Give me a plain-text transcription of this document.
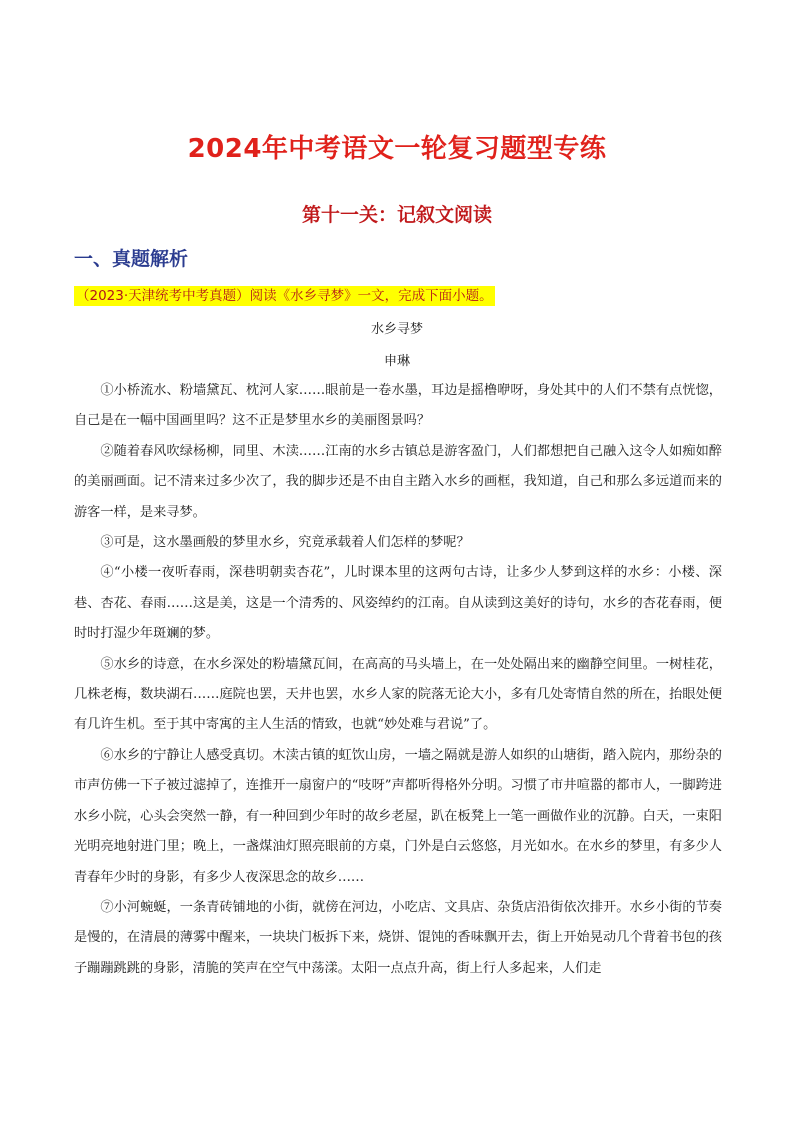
2024年中考语文一轮复习题型专练
第十一关：记叙文阅读
一、真题解析
（2023·天津统考中考真题）阅读《水乡寻梦》一文，完成下面小题。
水乡寻梦
申琳

①小桥流水、粉墙黛瓦、枕河人家……眼前是一卷水墨，耳边是摇橹咿呀，身处其中的人们不禁有点恍惚，自己是在一幅中国画里吗？这不正是梦里水乡的美丽图景吗？

②随着春风吹绿杨柳，同里、木渎……江南的水乡古镇总是游客盈门，人们都想把自己融入这令人如痴如醉的美丽画面。记不清来过多少次了，我的脚步还是不由自主踏入水乡的画框，我知道，自己和那么多远道而来的游客一样，是来寻梦。

③可是，这水墨画般的梦里水乡，究竟承载着人们怎样的梦呢？

④“小楼一夜听春雨，深巷明朝卖杏花”，儿时课本里的这两句古诗，让多少人梦到这样的水乡：小楼、深巷、杏花、春雨……这是美，这是一个清秀的、风姿绰约的江南。自从读到这美好的诗句，水乡的杏花春雨，便时时打湿少年斑斓的梦。

⑤水乡的诗意，在水乡深处的粉墙黛瓦间，在高高的马头墙上，在一处处隔出来的幽静空间里。一树桂花，几株老梅，数块湖石……庭院也罢，天井也罢，水乡人家的院落无论大小，多有几处寄情自然的所在，抬眼处便有几许生机。至于其中寄寓的主人生活的情致，也就“妙处难与君说”了。

⑥水乡的宁静让人感受真切。木渎古镇的虹饮山房，一墙之隔就是游人如织的山塘街，踏入院内，那纷杂的市声仿佛一下子被过滤掉了，连推开一扇窗户的“吱呀”声都听得格外分明。习惯了市井喧嚣的都市人，一脚跨进水乡小院，心头会突然一静，有一种回到少年时的故乡老屋，趴在板凳上一笔一画做作业的沉静。白天，一束阳光明亮地射进门里；晚上，一盏煤油灯照亮眼前的方桌，门外是白云悠悠，月光如水。在水乡的梦里，有多少人青春年少时的身影，有多少人夜深思念的故乡……

⑦小河蜿蜒，一条青砖铺地的小街，就傍在河边，小吃店、文具店、杂货店沿街依次排开。水乡小街的节奏是慢的，在清晨的薄雾中醒来，一块块门板拆下来，烧饼、馄饨的香味飘开去，街上开始晃动几个背着书包的孩子蹦蹦跳跳的身影，清脆的笑声在空气中荡漾。太阳一点点升高，街上行人多起来，人们走
